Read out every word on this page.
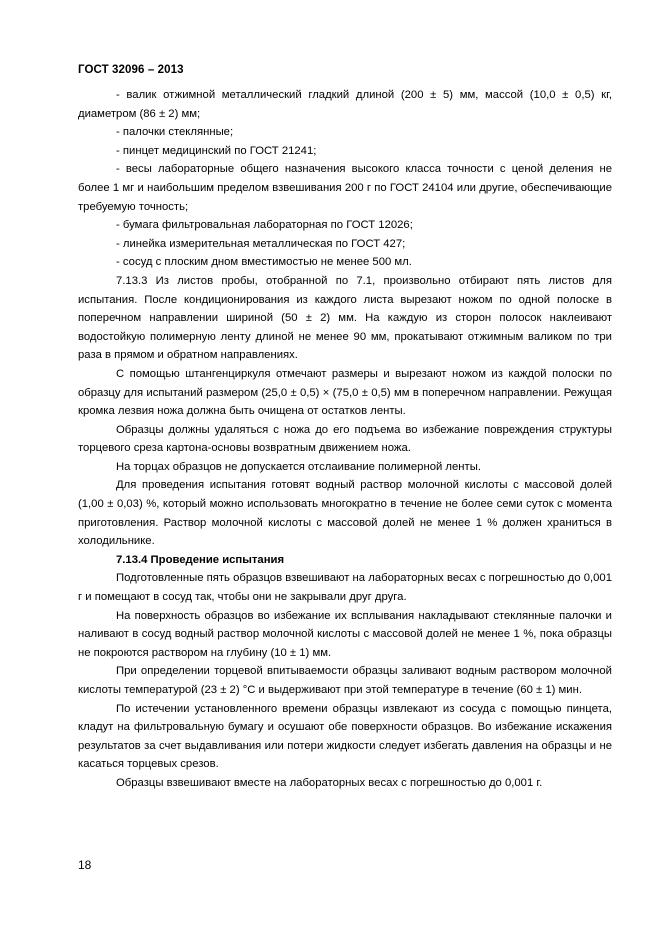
ГОСТ 32096 – 2013

- валик отжимной металлический гладкий длиной (200 ± 5) мм, массой (10,0 ± 0,5) кг, диаметром (86 ± 2) мм;

- палочки стеклянные;

- пинцет медицинский по ГОСТ 21241;

- весы лабораторные общего назначения высокого класса точности с ценой деления не более 1 мг и наибольшим пределом взвешивания 200 г по ГОСТ 24104 или другие, обеспечивающие требуемую точность;

- бумага фильтровальная лабораторная по ГОСТ 12026;

- линейка измерительная металлическая по ГОСТ 427;

- сосуд с плоским дном вместимостью не менее 500 мл.

7.13.3 Из листов пробы, отобранной по 7.1, произвольно отбирают пять листов для испытания. После кондиционирования из каждого листа вырезают ножом по одной полоске в поперечном направлении шириной (50 ± 2) мм. На каждую из сторон полосок наклеивают водостойкую полимерную ленту длиной не менее 90 мм, прокатывают отжимным валиком по три раза в прямом и обратном направлениях.

С помощью штангенциркуля отмечают размеры и вырезают ножом из каждой полоски по образцу для испытаний размером (25,0 ± 0,5) × (75,0 ± 0,5) мм в поперечном направлении. Режущая кромка лезвия ножа должна быть очищена от остатков ленты.

Образцы должны удаляться с ножа до его подъема во избежание повреждения структуры торцевого среза картона-основы возвратным движением ножа.

На торцах образцов не допускается отслаивание полимерной ленты.

Для проведения испытания готовят водный раствор молочной кислоты с массовой долей (1,00 ± 0,03) %, который можно использовать многократно в течение не более семи суток с момента приготовления. Раствор молочной кислоты с массовой долей не менее 1 % должен храниться в холодильнике.

7.13.4 Проведение испытания

Подготовленные пять образцов взвешивают на лабораторных весах с погрешностью до 0,001 г и помещают в сосуд так, чтобы они не закрывали друг друга.

На поверхность образцов во избежание их всплывания накладывают стеклянные палочки и наливают в сосуд водный раствор молочной кислоты с массовой долей не менее 1 %, пока образцы не покроются раствором на глубину (10 ± 1) мм.

При определении торцевой впитываемости образцы заливают водным раствором молочной кислоты температурой (23 ± 2) °С и выдерживают при этой температуре в течение (60 ± 1) мин.

По истечении установленного времени образцы извлекают из сосуда с помощью пинцета, кладут на фильтровальную бумагу и осушают обе поверхности образцов. Во избежание искажения результатов за счет выдавливания или потери жидкости следует избегать давления на образцы и не касаться торцевых срезов.

Образцы взвешивают вместе на лабораторных весах с погрешностью до 0,001 г.

18
